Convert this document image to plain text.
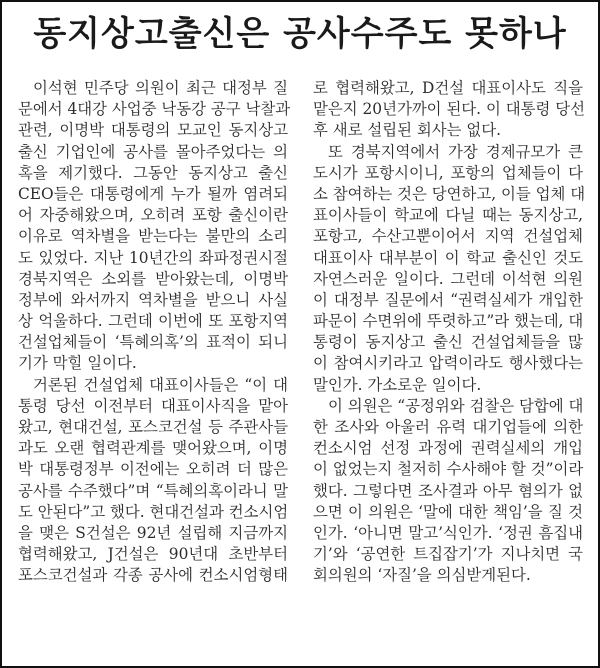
동지상고출신은 공사수주도 못하나
이석현 민주당 의원이 최근 대정부 질
문에서 4대강 사업중 낙동강 공구 낙찰과
관련, 이명박 대통령의 모교인 동지상고
출신 기업인에 공사를 몰아주었다는 의
혹을 제기했다. 그동안 동지상고 출신
CEO들은 대통령에게 누가 될까 염려되
어 자중해왔으며, 오히려 포항 출신이란
이유로 역차별을 받는다는 불만의 소리
도 있었다. 지난 10년간의 좌파정권시절
경북지역은 소외를 받아왔는데, 이명박
정부에 와서까지 역차별을 받으니 사실
상 억울하다. 그런데 이번에 또 포항지역
건설업체들이 ‘특혜의혹’의 표적이 되니
기가 막힐 일이다.
거론된 건설업체 대표이사들은 “이 대
통령 당선 이전부터 대표이사직을 맡아
왔고, 현대건설, 포스코건설 등 주관사들
과도 오랜 협력관계를 맺어왔으며, 이명
박 대통령정부 이전에는 오히려 더 많은
공사를 수주했다”며 “특혜의혹이라니 말
도 안된다”고 했다. 현대건설과 컨소시엄
을 맺은 S건설은 92년 설립해 지금까지
협력해왔고, J건설은 90년대 초반부터
포스코건설과 각종 공사에 컨소시엄형태
로 협력해왔고, D건설 대표이사도 직을
맡은지 20년가까이 된다. 이 대통령 당선
후 새로 설립된 회사는 없다.
또 경북지역에서 가장 경제규모가 큰
도시가 포항시이니, 포항의 업체들이 다
소 참여하는 것은 당연하고, 이들 업체 대
표이사들이 학교에 다닐 때는 동지상고,
포항고, 수산고뿐이어서 지역 건설업체
대표이사 대부분이 이 학교 출신인 것도
자연스러운 일이다. 그런데 이석현 의원
이 대정부 질문에서 “권력실세가 개입한
파문이 수면위에 뚜렷하고”라 했는데, 대
통령이 동지상고 출신 건설업체들을 많
이 참여시키라고 압력이라도 행사했다는
말인가. 가소로운 일이다.
이 의원은 “공정위와 검찰은 담합에 대
한 조사와 아울러 유력 대기업들에 의한
컨소시엄 선정 과정에 권력실세의 개입
이 없었는지 철저히 수사해야 할 것”이라
했다. 그렇다면 조사결과 아무 혐의가 없
으면 이 의원은 ‘말에 대한 책임’을 질 것
인가. ‘아니면 말고’식인가. ‘정권 흠집내
기’와 ‘공연한 트집잡기’가 지나치면 국
회의원의 ‘자질’을 의심받게된다.
